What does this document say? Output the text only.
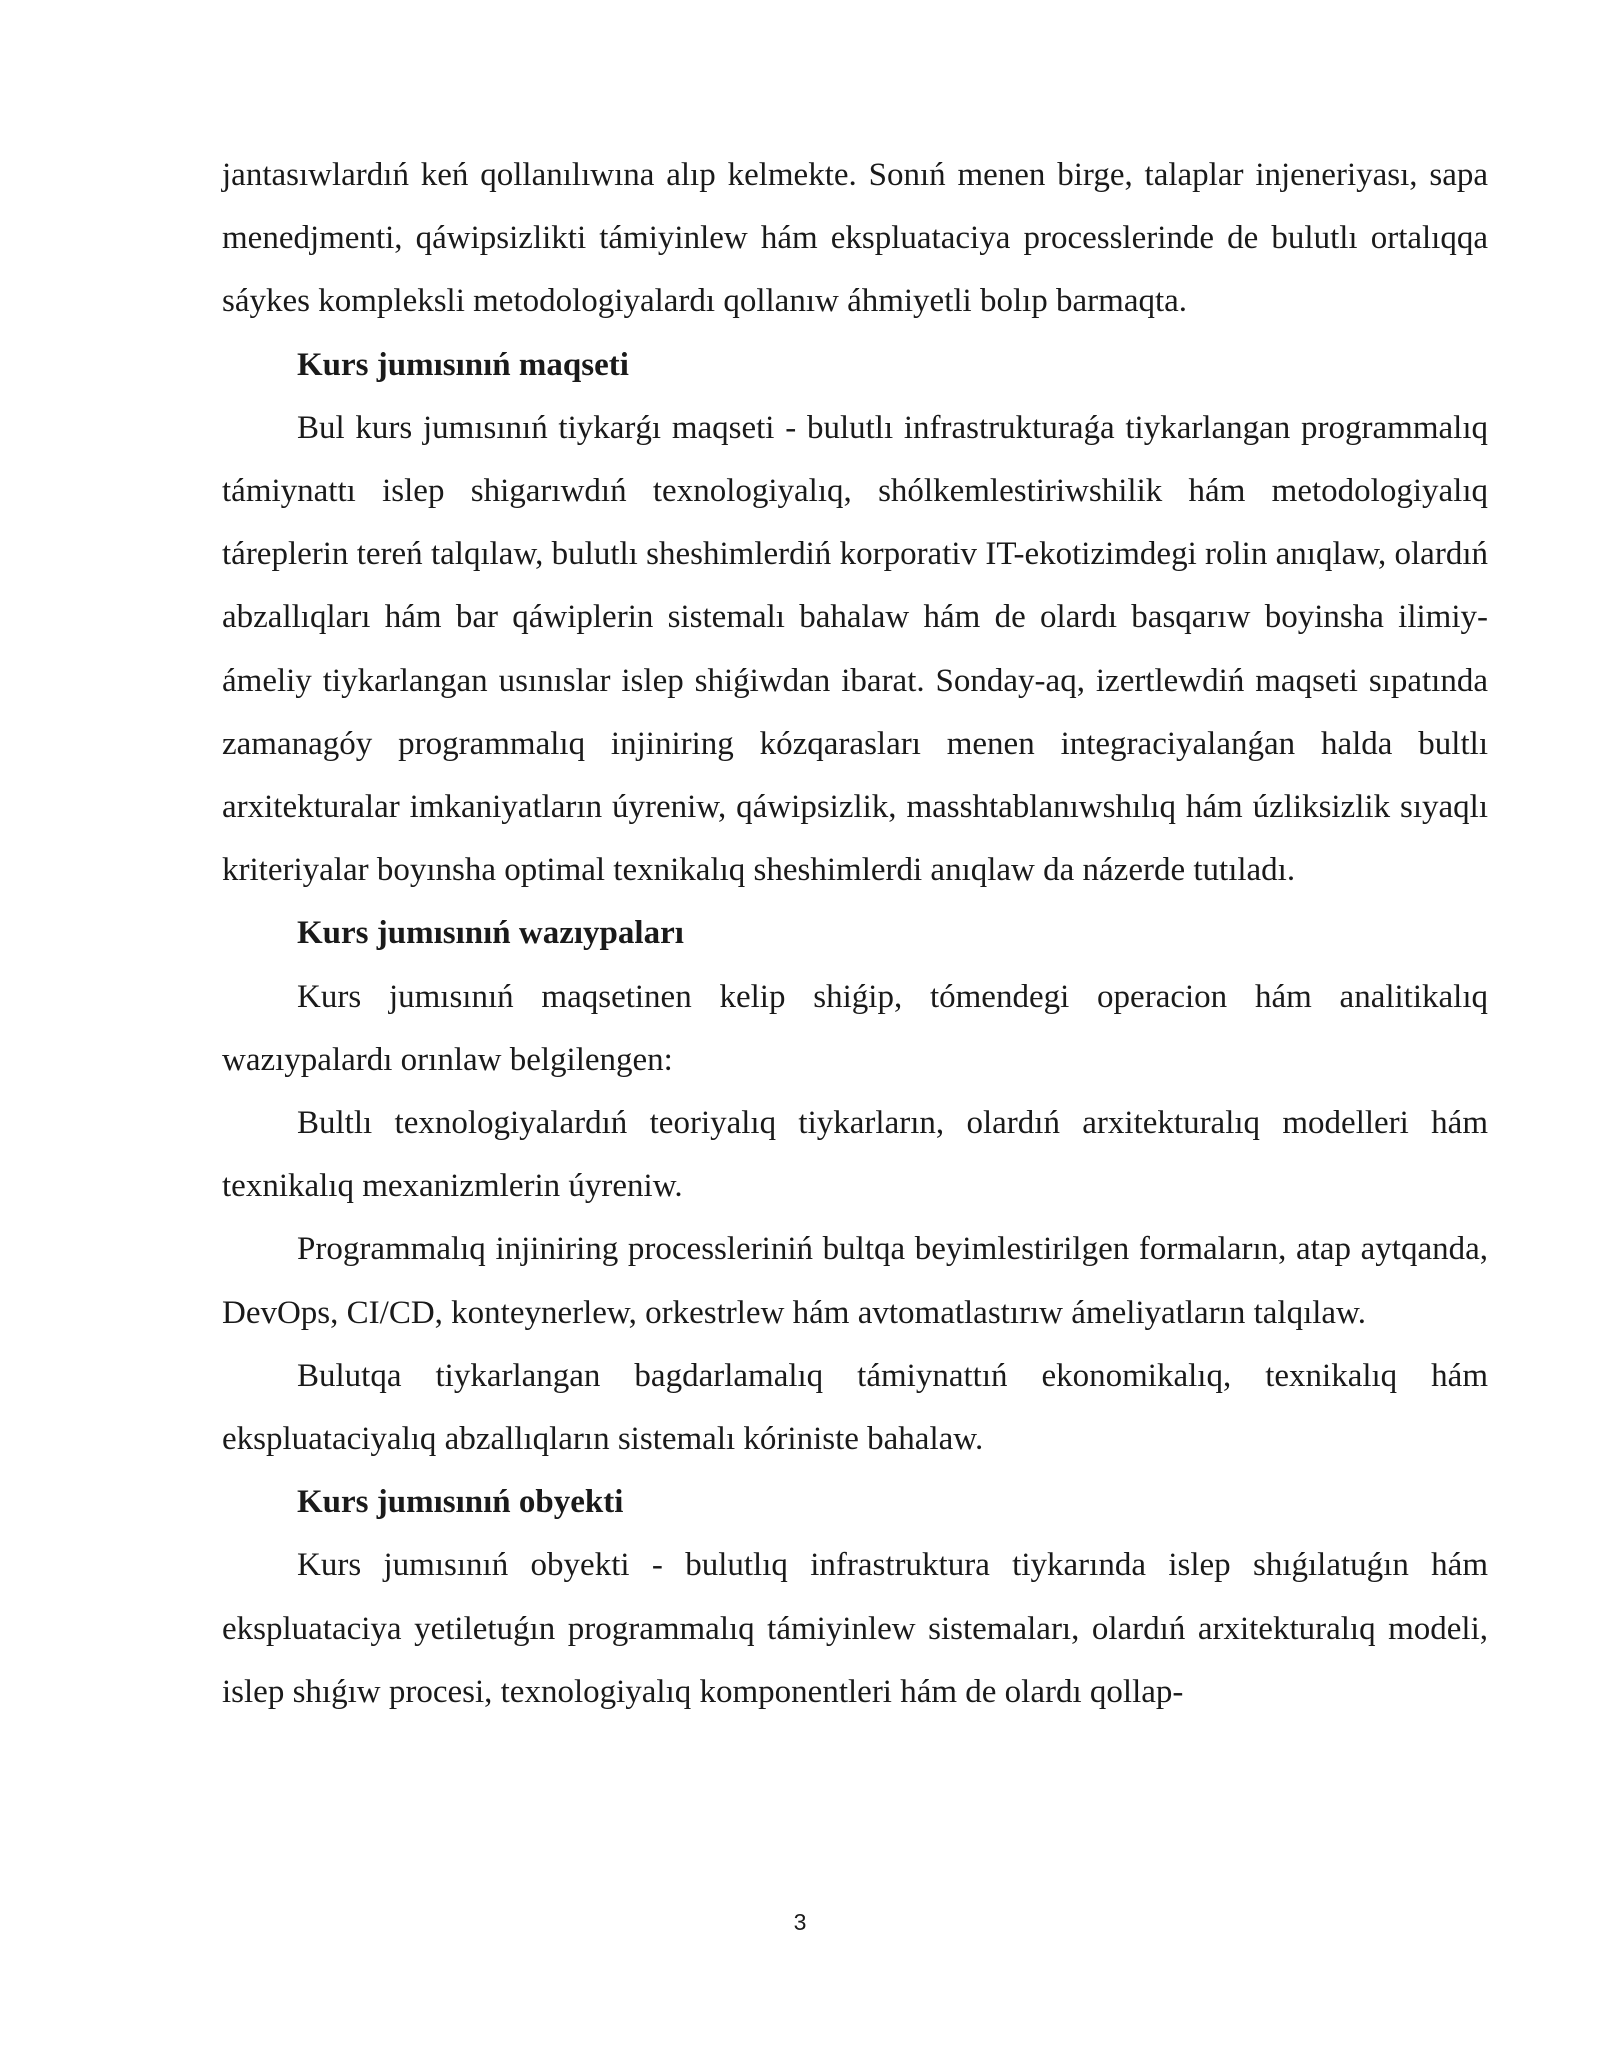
jantasıwlardıń keń qollanılıwına alıp kelmekte. Sonıń menen birge, talaplar injeneriyası, sapa menedjmenti, qáwipsizlikti támiyinlew hám ekspluataciya processlerinde de bulutlı ortalıqqa sáykes kompleksli metodologiyalardı qollanıw áhmiyetli bolıp barmaqta.

Kurs jumısınıń maqseti

Bul kurs jumısınıń tiykarǵı maqseti - bulutlı infrastrukturaǵa tiykarlangan programmalıq támiynattı islep shigarıwdıń texnologiyalıq, shólkemlestiriwshilik hám metodologiyalıq táreplerin tereń talqılaw, bulutlı sheshimlerdiń korporativ IT-ekotizimdegi rolin anıqlaw, olardıń abzallıqları hám bar qáwiplerin sistemalı bahalaw hám de olardı basqarıw boyinsha ilimiy-ámeliy tiykarlangan usınıslar islep shiǵiwdan ibarat. Sonday-aq, izertlewdiń maqseti sıpatında zamanagóy programmalıq injiniring kózqarasları menen integraciyalanǵan halda bultlı arxitekturalar imkaniyatların úyreniw, qáwipsizlik, masshtablanıwshılıq hám úzliksizlik sıyaqlı kriteriyalar boyınsha optimal texnikalıq sheshimlerdi anıqlaw da názerde tutıladı.

Kurs jumısınıń wazıypaları

Kurs jumısınıń maqsetinen kelip shiǵip, tómendegi operacion hám analitikalıq wazıypalardı orınlaw belgilengen:

Bultlı texnologiyalardıń teoriyalıq tiykarların, olardıń arxitekturalıq modelleri hám texnikalıq mexanizmlerin úyreniw.

Programmalıq injiniring processleriniń bultqa beyimlestirilgen formaların, atap aytqanda, DevOps, CI/CD, konteynerlew, orkestrlew hám avtomatlastırıw ámeliyatların talqılaw.

Bulutqa tiykarlangan bagdarlamalıq támiynattıń ekonomikalıq, texnikalıq hám ekspluataciyalıq abzallıqların sistemalı kóriniste bahalaw.

Kurs jumısınıń obyekti

Kurs jumısınıń obyekti - bulutlıq infrastruktura tiykarında islep shıǵılatuǵın hám ekspluataciya yetiletuǵın programmalıq támiyinlew sistemaları, olardıń arxitekturalıq modeli, islep shıǵıw procesi, texnologiyalıq komponentleri hám de olardı qollap-

3
